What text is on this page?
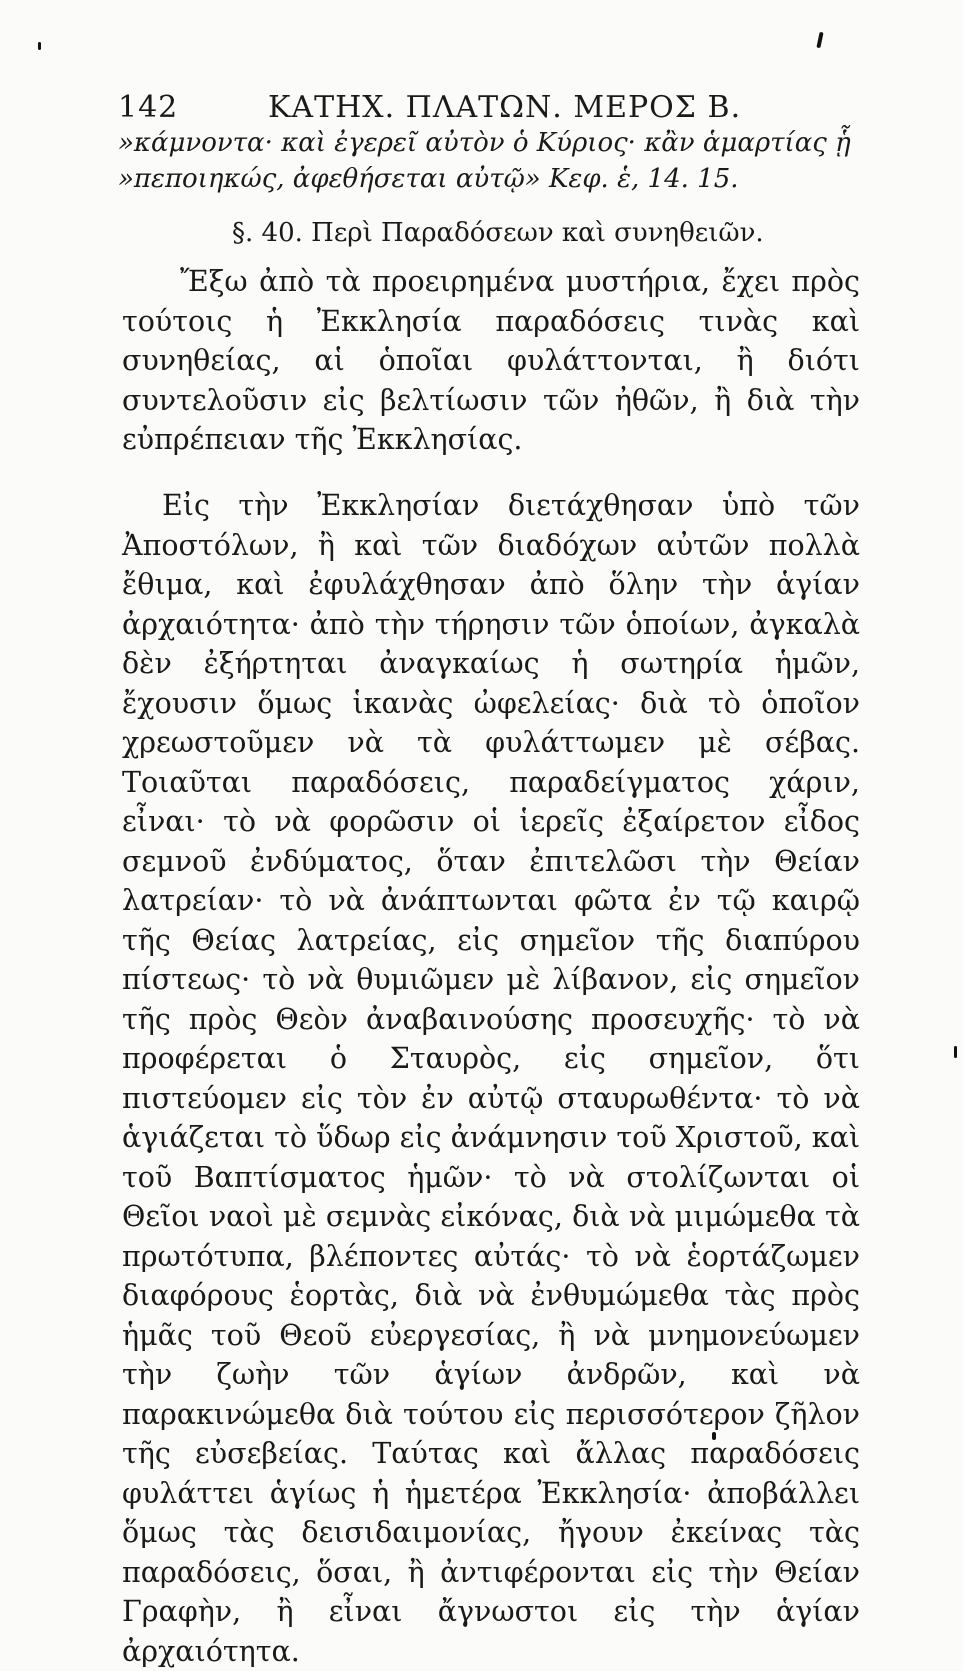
142	ΚΑΤΗΧ. ΠΛΑΤΩΝ. ΜΕΡΟΣ Β.
»κάμνοντα· καὶ ἐγερεῖ αὐτὸν ὁ Κύριος· κἂν ἁμαρτίας ᾗ
»πεποιηκώς, ἀφεθήσεται αὐτῷ» Κεφ. ἑ, 14. 15.
§. 40. Περὶ Παραδόσεων καὶ συνηθειῶν.

Ἔξω ἀπὸ τὰ προειρημένα μυστήρια, ἔχει πρὸς τούτοις ἡ Ἐκκλησία παραδόσεις τινὰς καὶ συνηθείας, αἱ ὁποῖαι φυλάττονται, ἢ διότι συντελοῦσιν εἰς βελτίωσιν τῶν ἠθῶν, ἢ διὰ τὴν εὐπρέπειαν τῆς Ἐκκλησίας.

Εἰς τὴν Ἐκκλησίαν διετάχθησαν ὑπὸ τῶν Ἀποστόλων, ἢ καὶ τῶν διαδόχων αὐτῶν πολλὰ ἔθιμα, καὶ ἐφυλάχθησαν ἀπὸ ὅλην τὴν ἁγίαν ἀρχαιότητα· ἀπὸ τὴν τήρησιν τῶν ὁποίων, ἀγκαλὰ δὲν ἐξήρτηται ἀναγκαίως ἡ σωτηρία ἡμῶν, ἔχουσιν ὅμως ἱκανὰς ὠφελείας· διὰ τὸ ὁποῖον χρεωστοῦμεν νὰ τὰ φυλάττωμεν μὲ σέβας. Τοιαῦται παραδόσεις, παραδείγματος χάριν, εἶναι· τὸ νὰ φορῶσιν οἱ ἱερεῖς ἐξαίρετον εἶδος σεμνοῦ ἐνδύματος, ὅταν ἐπιτελῶσι τὴν Θείαν λατρείαν· τὸ νὰ ἀνάπτωνται φῶτα ἐν τῷ καιρῷ τῆς Θείας λατρείας, εἰς σημεῖον τῆς διαπύρου πίστεως· τὸ νὰ θυμιῶμεν μὲ λίβανον, εἰς σημεῖον τῆς πρὸς Θεὸν ἀναβαινούσης προσευχῆς· τὸ νὰ προφέρεται ὁ Σταυρὸς, εἰς σημεῖον, ὅτι πιστεύομεν εἰς τὸν ἐν αὐτῷ σταυρωθέντα· τὸ νὰ ἁγιάζεται τὸ ὕδωρ εἰς ἀνάμνησιν τοῦ Χριστοῦ, καὶ τοῦ Βαπτίσματος ἡμῶν· τὸ νὰ στολίζωνται οἱ Θεῖοι ναοὶ μὲ σεμνὰς εἰκόνας, διὰ νὰ μιμώμεθα τὰ πρωτότυπα, βλέποντες αὐτάς· τὸ νὰ ἑορτάζωμεν διαφόρους ἑορτὰς, διὰ νὰ ἐνθυμώμεθα τὰς πρὸς ἡμᾶς τοῦ Θεοῦ εὐεργεσίας, ἢ νὰ μνημονεύωμεν τὴν ζωὴν τῶν ἁγίων ἀνδρῶν, καὶ νὰ παρακινώμεθα διὰ τούτου εἰς περισσότερον ζῆλον τῆς εὐσεβείας. Ταύτας καὶ ἄλλας παραδόσεις φυλάττει ἁγίως ἡ ἡμετέρα Ἐκκλησία· ἀποβάλλει ὅμως τὰς δεισιδαιμονίας, ἤγουν ἐκείνας τὰς παραδόσεις, ὅσαι, ἢ ἀντιφέρονται εἰς τὴν Θείαν Γραφὴν, ἢ εἶναι ἄγνωστοι εἰς τὴν ἁγίαν ἀρχαιότητα.
